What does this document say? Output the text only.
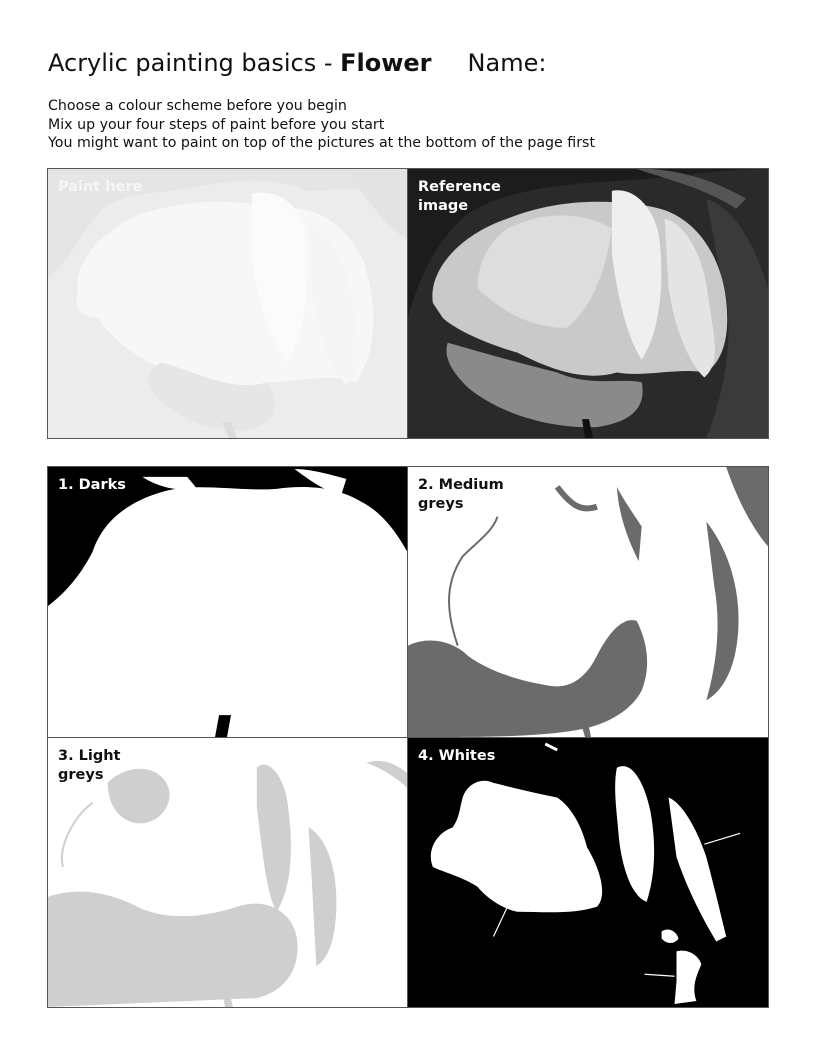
Acrylic painting basics - Flower Name:
Choose a colour scheme before you begin
Mix up your four steps of paint before you start
You might want to paint on top of the pictures at the bottom of the page first
Paint here	Reference image
1. Darks	2. Medium greys
3. Light greys
4. Whites
